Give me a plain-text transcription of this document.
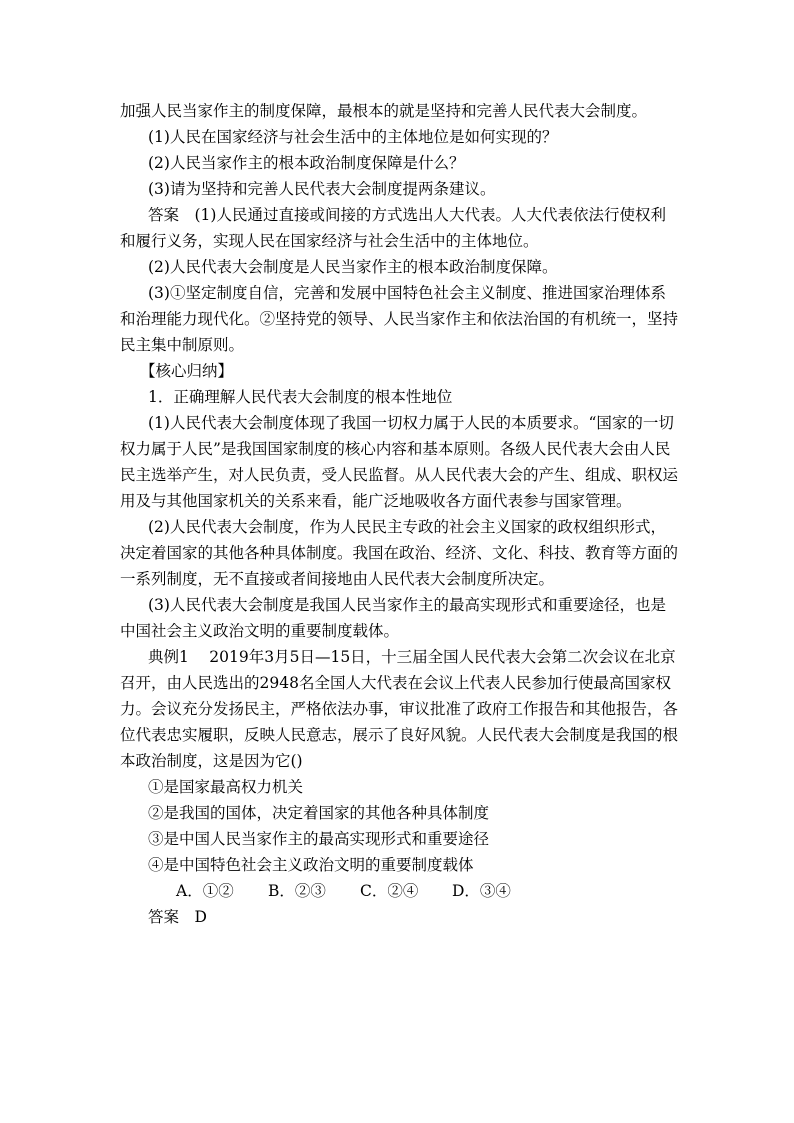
加强人民当家作主的制度保障，最根本的就是坚持和完善人民代表大会制度。

(1)人民在国家经济与社会生活中的主体地位是如何实现的？

(2)人民当家作主的根本政治制度保障是什么？

(3)请为坚持和完善人民代表大会制度提两条建议。

答案　(1)人民通过直接或间接的方式选出人大代表。人大代表依法行使权利和履行义务，实现人民在国家经济与社会生活中的主体地位。

(2)人民代表大会制度是人民当家作主的根本政治制度保障。

(3)①坚定制度自信，完善和发展中国特色社会主义制度、推进国家治理体系和治理能力现代化。②坚持党的领导、人民当家作主和依法治国的有机统一，坚持民主集中制原则。

【核心归纳】

1．正确理解人民代表大会制度的根本性地位

(1)人民代表大会制度体现了我国一切权力属于人民的本质要求。“国家的一切权力属于人民”是我国国家制度的核心内容和基本原则。各级人民代表大会由人民民主选举产生，对人民负责，受人民监督。从人民代表大会的产生、组成、职权运用及与其他国家机关的关系来看，能广泛地吸收各方面代表参与国家管理。

(2)人民代表大会制度，作为人民民主专政的社会主义国家的政权组织形式，决定着国家的其他各种具体制度。我国在政治、经济、文化、科技、教育等方面的一系列制度，无不直接或者间接地由人民代表大会制度所决定。

(3)人民代表大会制度是我国人民当家作主的最高实现形式和重要途径，也是中国社会主义政治文明的重要制度载体。

典例1　 2019年3月5日—15日，十三届全国人民代表大会第二次会议在北京召开，由人民选出的2948名全国人大代表在会议上代表人民参加行使最高国家权力。会议充分发扬民主，严格依法办事，审议批准了政府工作报告和其他报告，各位代表忠实履职，反映人民意志，展示了良好风貌。人民代表大会制度是我国的根本政治制度，这是因为它()

①是国家最高权力机关

②是我国的国体，决定着国家的其他各种具体制度

③是中国人民当家作主的最高实现形式和重要途径

④是中国特色社会主义政治文明的重要制度载体

A．①② B．②③ C．②④ D．③④

答案　D
